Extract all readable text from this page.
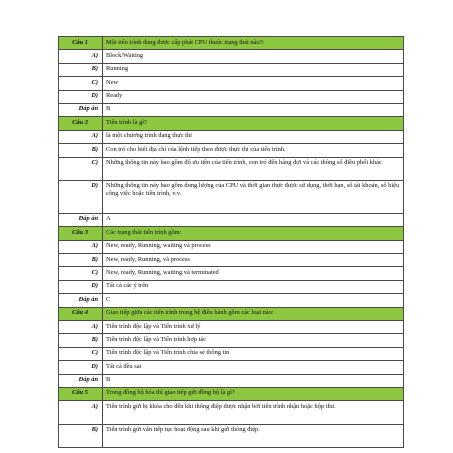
Câu 1	Một tiến trình đang được cấp phát CPU thuộc trạng thái nào?:
A)	Block/Waiting
B)	Running
C)	New
D)	Ready
Đáp án	B
Câu 2	Tiến trình là gì?
A)	là một chương trình đang thực thi
B)	Con trỏ cho biết địa chỉ của lệnh tiếp theo được thực thi của tiến trình.
C)	Những thông tin này bao gồm độ ưu tiên của tiến trình, con trỏ đến hàng đợi và các thông số điều phối khác
D)	Những thông tin này bao gồm dung lượng của CPU và thời gian thực được sử dụng, thời hạn, số tài khoản, số hiệu công việc hoặc tiến trình, v.v.
Đáp án	A
Câu 3	Các trạng thái tiến trình gồm:
A)	New, ready, Running, waiting và process
B)	New, ready, Running, và process
C)	New, ready, Running, waiting và terminated
D)	Tất cả các ý trên
Đáp án	C
Câu 4	Giao tiếp giữa các tiến trình trong hệ điều hành gồm các loại nào:
A)	Tiến trình độc lập và Tiến trình xử lý
B)	Tiến trình độc lập và Tiến trình hợp tác
C)	Tiến trình độc lập và Tiến trình chia sẻ thông tin
D)	Tất cả đều sai
Đáp án	B
Câu 5	Trong đồng bộ hóa thì giao tiếp gửi đồng bộ là gì?
A)	Tiến trình gửi bị khóa cho đến khi thông điệp được nhận bởi tiến trình nhận hoặc hộp thư.
B)	Tiến trình gửi vẫn tiếp tục hoạt động sau khi gửi thông điệp.
